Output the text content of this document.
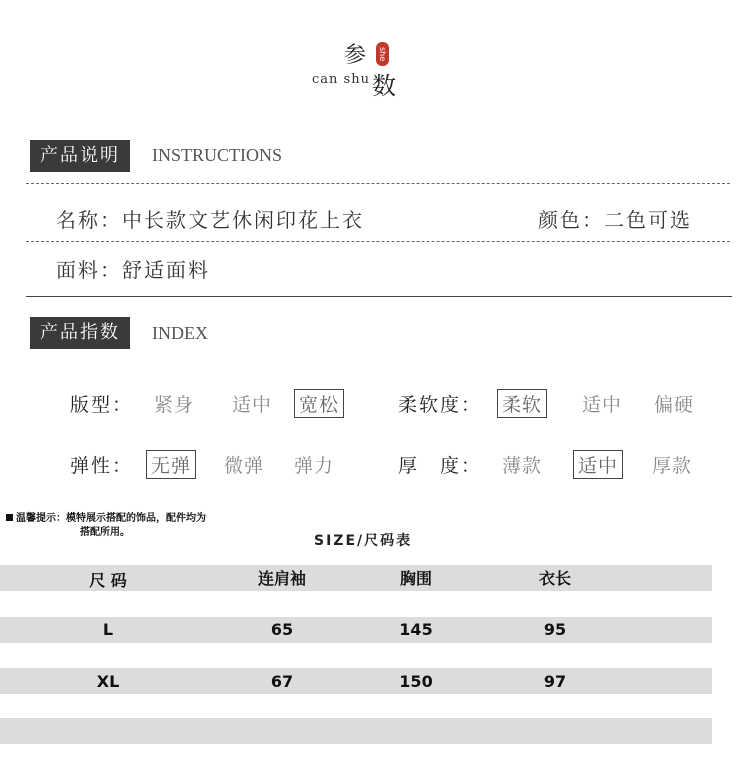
参 she
can shu 数
产品说明	INSTRUCTIONS
名称：中长款文艺休闲印花上衣	颜色：二色可选
面料：舒适面料
产品指数	INDEX
版型： 紧身 适中 宽松	柔软度： 柔软 适中 偏硬
弹性： 无弹 微弹 弹力	厚　度： 薄款 适中 厚款
温馨提示：模特展示搭配的饰品，配件均为
搭配所用。
SIZE/尺码表
尺 码	连肩袖	胸围	衣长
L	65	145	95
XL	67	150	97
